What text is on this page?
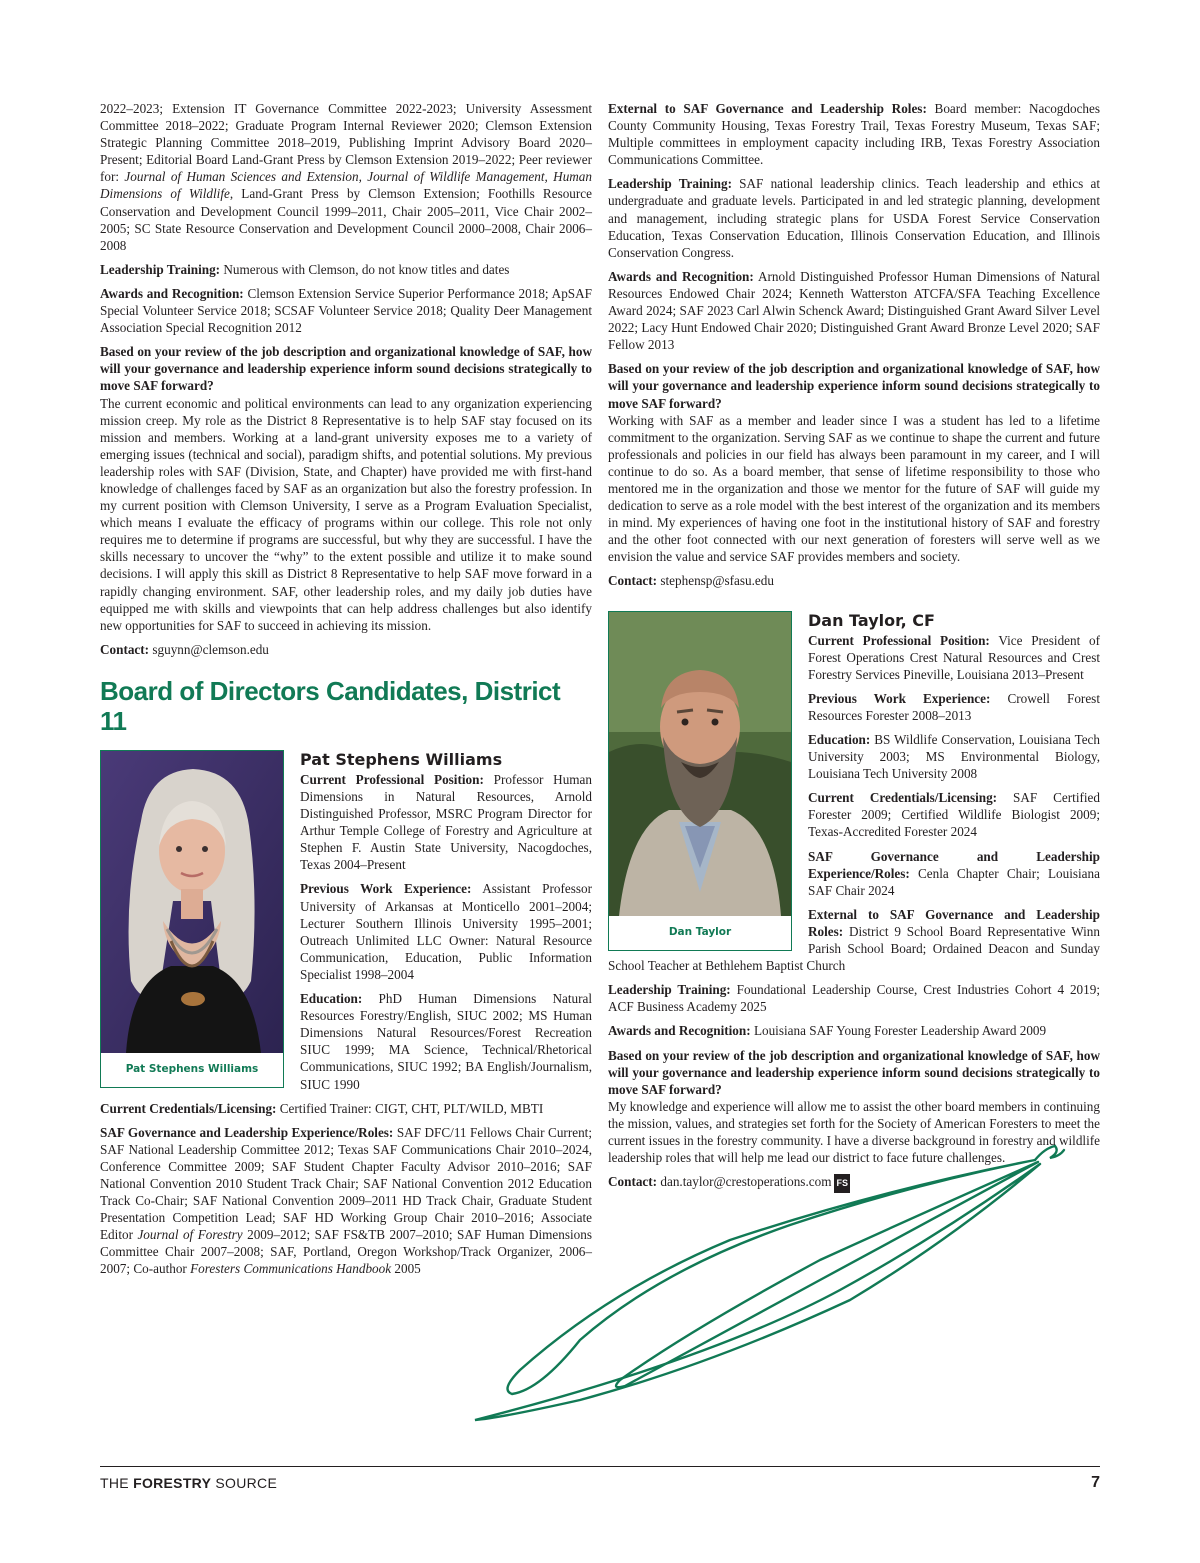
2022–2023; Extension IT Governance Committee 2022-2023; University Assessment Committee 2018–2022; Graduate Program Internal Reviewer 2020; Clemson Extension Strategic Planning Committee 2018–2019, Publishing Imprint Advisory Board 2020–Present; Editorial Board Land-Grant Press by Clemson Extension 2019–2022; Peer reviewer for: Journal of Human Sciences and Extension, Journal of Wildlife Management, Human Dimensions of Wildlife, Land-Grant Press by Clemson Extension; Foothills Resource Conservation and Development Council 1999–2011, Chair 2005–2011, Vice Chair 2002–2005; SC State Resource Conservation and Development Council 2000–2008, Chair 2006–2008

Leadership Training: Numerous with Clemson, do not know titles and dates

Awards and Recognition: Clemson Extension Service Superior Performance 2018; ApSAF Special Volunteer Service 2018; SCSAF Volunteer Service 2018; Quality Deer Management Association Special Recognition 2012

Based on your review of the job description and organizational knowledge of SAF, how will your governance and leadership experience inform sound decisions strategically to move SAF forward?

The current economic and political environments can lead to any organization experiencing mission creep. My role as the District 8 Representative is to help SAF stay focused on its mission and members. Working at a land-grant university exposes me to a variety of emerging issues (technical and social), paradigm shifts, and potential solutions. My previous leadership roles with SAF (Division, State, and Chapter) have provided me with first-hand knowledge of challenges faced by SAF as an organization but also the forestry profession. In my current position with Clemson University, I serve as a Program Evaluation Specialist, which means I evaluate the efficacy of programs within our college. This role not only requires me to determine if programs are successful, but why they are successful. I have the skills necessary to uncover the “why” to the extent possible and utilize it to make sound decisions. I will apply this skill as District 8 Representative to help SAF move forward in a rapidly changing environment. SAF, other leadership roles, and my daily job duties have equipped me with skills and viewpoints that can help address challenges but also identify new opportunities for SAF to succeed in achieving its mission.

Contact: sguynn@clemson.edu

Board of Directors Candidates, District 11
Pat Stephens Williams
Pat Stephens Williams

Current Professional Position: Professor Human Dimensions in Natural Resources, Arnold Distinguished Professor, MSRC Program Director for Arthur Temple College of Forestry and Agriculture at Stephen F. Austin State University, Nacogdoches, Texas 2004–Present

Previous Work Experience: Assistant Professor University of Arkansas at Monticello 2001–2004; Lecturer Southern Illinois University 1995–2001; Outreach Unlimited LLC Owner: Natural Resource Communication, Education, Public Information Specialist 1998–2004

Education: PhD Human Dimensions Natural Resources Forestry/English, SIUC 2002; MS Human Dimensions Natural Resources/Forest Recreation SIUC 1999; MA Science, Technical/Rhetorical Communications, SIUC 1992; BA English/Journalism, SIUC 1990

Current Credentials/Licensing: Certified Trainer: CIGT, CHT, PLT/WILD, MBTI

SAF Governance and Leadership Experience/Roles: SAF DFC/11 Fellows Chair Current; SAF National Leadership Committee 2012; Texas SAF Communications Chair 2010–2024, Conference Committee 2009; SAF Student Chapter Faculty Advisor 2010–2016; SAF National Convention 2010 Student Track Chair; SAF National Convention 2012 Education Track Co-Chair; SAF National Convention 2009–2011 HD Track Chair, Graduate Student Presentation Competition Lead; SAF HD Working Group Chair 2010–2016; Associate Editor Journal of Forestry 2009–2012; SAF FS&TB 2007–2010; SAF Human Dimensions Committee Chair 2007–2008; SAF, Portland, Oregon Workshop/Track Organizer, 2006–2007; Co-author Foresters Communications Handbook 2005

External to SAF Governance and Leadership Roles: Board member: Nacogdoches County Community Housing, Texas Forestry Trail, Texas Forestry Museum, Texas SAF; Multiple committees in employment capacity including IRB, Texas Forestry Association Communications Committee.

Leadership Training: SAF national leadership clinics. Teach leadership and ethics at undergraduate and graduate levels. Participated in and led strategic planning, development and management, including strategic plans for USDA Forest Service Conservation Education, Texas Conservation Education, Illinois Conservation Education, and Illinois Conservation Congress.

Awards and Recognition: Arnold Distinguished Professor Human Dimensions of Natural Resources Endowed Chair 2024; Kenneth Watterston ATCFA/SFA Teaching Excellence Award 2024; SAF 2023 Carl Alwin Schenck Award; Distinguished Grant Award Silver Level 2022; Lacy Hunt Endowed Chair 2020; Distinguished Grant Award Bronze Level 2020; SAF Fellow 2013

Based on your review of the job description and organizational knowledge of SAF, how will your governance and leadership experience inform sound decisions strategically to move SAF forward?

Working with SAF as a member and leader since I was a student has led to a lifetime commitment to the organization. Serving SAF as we continue to shape the current and future professionals and policies in our field has always been paramount in my career, and I will continue to do so. As a board member, that sense of lifetime responsibility to those who mentored me in the organization and those we mentor for the future of SAF will guide my dedication to serve as a role model with the best interest of the organization and its members in mind. My experiences of having one foot in the institutional history of SAF and forestry and the other foot connected with our next generation of foresters will serve well as we envision the value and service SAF provides members and society.

Contact: stephensp@sfasu.edu

Dan Taylor
Dan Taylor, CF

Current Professional Position: Vice President of Forest Operations Crest Natural Resources and Crest Forestry Services Pineville, Louisiana 2013–Present

Previous Work Experience: Crowell Forest Resources Forester 2008–2013

Education: BS Wildlife Conservation, Louisiana Tech University 2003; MS Environmental Biology, Louisiana Tech University 2008

Current Credentials/Licensing: SAF Certified Forester 2009; Certified Wildlife Biologist 2009; Texas-Accredited Forester 2024

SAF Governance and Leadership Experience/Roles: Cenla Chapter Chair; Louisiana SAF Chair 2024

External to SAF Governance and Leadership Roles: District 9 School Board Representative Winn Parish School Board; Ordained Deacon and Sunday School Teacher at Bethlehem Baptist Church

Leadership Training: Foundational Leadership Course, Crest Industries Cohort 4 2019; ACF Business Academy 2025

Awards and Recognition: Louisiana SAF Young Forester Leadership Award 2009

Based on your review of the job description and organizational knowledge of SAF, how will your governance and leadership experience inform sound decisions strategically to move SAF forward?

My knowledge and experience will allow me to assist the other board members in continuing the mission, values, and strategies set forth for the Society of American Foresters to meet the current issues in the forestry community. I have a diverse background in forestry and wildlife leadership roles that will help me lead our district to face future challenges.

Contact: dan.taylor@crestoperations.com FS

THE FORESTRY SOURCE	7
